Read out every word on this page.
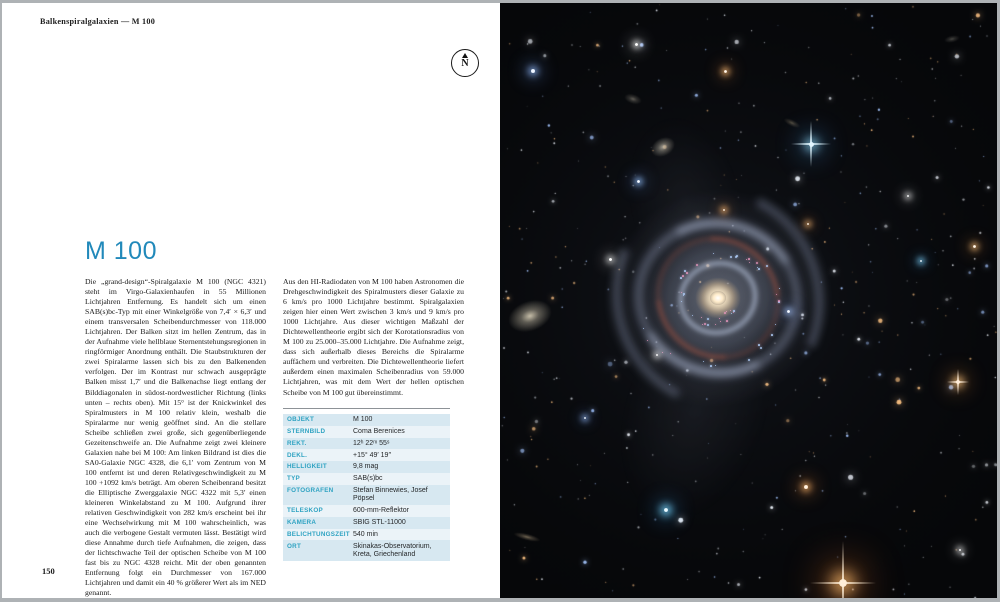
Balkenspiralgalaxien — M 100
N
M 100
Die „grand-design“-Spiralgalaxie M 100 (NGC 4321) steht im Virgo-Galaxienhaufen in 55 Millionen Lichtjahren Entfernung. Es handelt sich um einen SAB(s)bc-Typ mit einer Winkelgröße von 7,4′ × 6,3′ und einem transversalen Scheibendurchmesser von 118.000 Lichtjahren. Der Balken sitzt im hellen Zentrum, das in der Aufnahme viele hellblaue Sternentstehungsregionen in ringförmiger Anordnung enthält. Die Staubstrukturen der zwei Spiralarme lassen sich bis zu den Balkenenden verfolgen. Der im Kontrast nur schwach ausgeprägte Balken misst 1,7′ und die Balkenachse liegt entlang der Bilddiagonalen in südost-nordwestlicher Richtung (links unten – rechts oben). Mit 15° ist der Knickwinkel des Spiralmusters in M 100 relativ klein, weshalb die Spiralarme nur wenig geöffnet sind. An die stellare Scheibe schließen zwei große, sich gegenüberliegende Gezeitenschweife an. Die Aufnahme zeigt zwei kleinere Galaxien nahe bei M 100: Am linken Bildrand ist dies die SA0-Galaxie NGC 4328, die 6,1′ vom Zentrum von M 100 entfernt ist und deren Relativgeschwindigkeit zu M 100 +1092 km/s beträgt. Am oberen Scheibenrand besitzt die Elliptische Zwerggalaxie NGC 4322 mit 5,3′ einen kleineren Winkelabstand zu M 100. Aufgrund ihrer relativen Geschwindigkeit von 282 km/s erscheint bei ihr eine Wechselwirkung mit M 100 wahrscheinlich, was auch die verbogene Gestalt vermuten lässt. Bestätigt wird diese Annahme durch tiefe Aufnahmen, die zeigen, dass der lichtschwache Teil der optischen Scheibe von M 100 fast bis zu NGC 4328 reicht. Mit der oben genannten Entfernung folgt ein Durchmesser von 167.000 Lichtjahren und damit ein 40 % größerer Wert als im NED genannt.

Aus den HI-Radiodaten von M 100 haben Astronomen die Drehgeschwindigkeit des Spiralmusters dieser Galaxie zu 6 km/s pro 1000 Lichtjahre bestimmt. Spiralgalaxien zeigen hier einen Wert zwischen 3 km/s und 9 km/s pro 1000 Lichtjahre. Aus dieser wichtigen Maßzahl der Dichtewellentheorie ergibt sich der Korotationsradius von M 100 zu 25.000–35.000 Lichtjahre. Die Aufnahme zeigt, dass sich außerhalb dieses Bereichs die Spiralarme auffächern und verbreiten. Die Dichtewellentheorie liefert außerdem einen maximalen Scheibenradius von 59.000 Lichtjahren, was mit dem Wert der hellen optischen Scheibe von M 100 gut übereinstimmt.

OBJEKT	M 100
STERNBILD	Coma Berenices
REKT.	12ʰ 22ᵐ 55ˢ
DEKL.	+15° 49′ 19″
HELLIGKEIT	9,8 mag
TYP	SAB(s)bc
FOTOGRAFEN	Stefan Binnewies, Josef Pöpsel
TELESKOP	600-mm-Reflektor
KAMERA	SBIG STL-11000
BELICHTUNGSZEIT 540 min
ORT	Skinakas-Observatorium, Kreta, Griechenland
150
